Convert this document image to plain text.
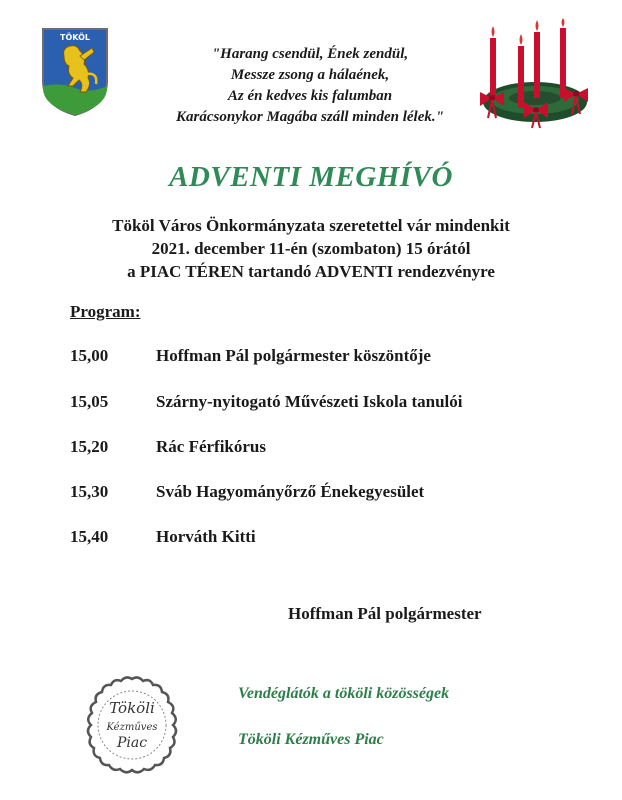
TÖKÖL
"Harang csendül, Ének zendül,
Messze zsong a hálaének,
Az én kedves kis falumban
Karácsonykor Magába száll minden lélek."
ADVENTI MEGHÍVÓ
Tököl Város Önkormányzata szeretettel vár mindenkit
2021. december 11-én (szombaton) 15 órától
a PIAC TÉREN tartandó ADVENTI rendezvényre
Program:
15,00	Hoffman Pál polgármester köszöntője
15,05	Szárny-nyitogató Művészeti Iskola tanulói
15,20	Rác Férfikórus
15,30	Sváb Hagyományőrző Énekegyesület
15,40	Horváth Kitti
Hoffman Pál polgármester
Tököli
Kézműves
Piac
Vendéglátók a tököli közösségek
Tököli Kézműves Piac
